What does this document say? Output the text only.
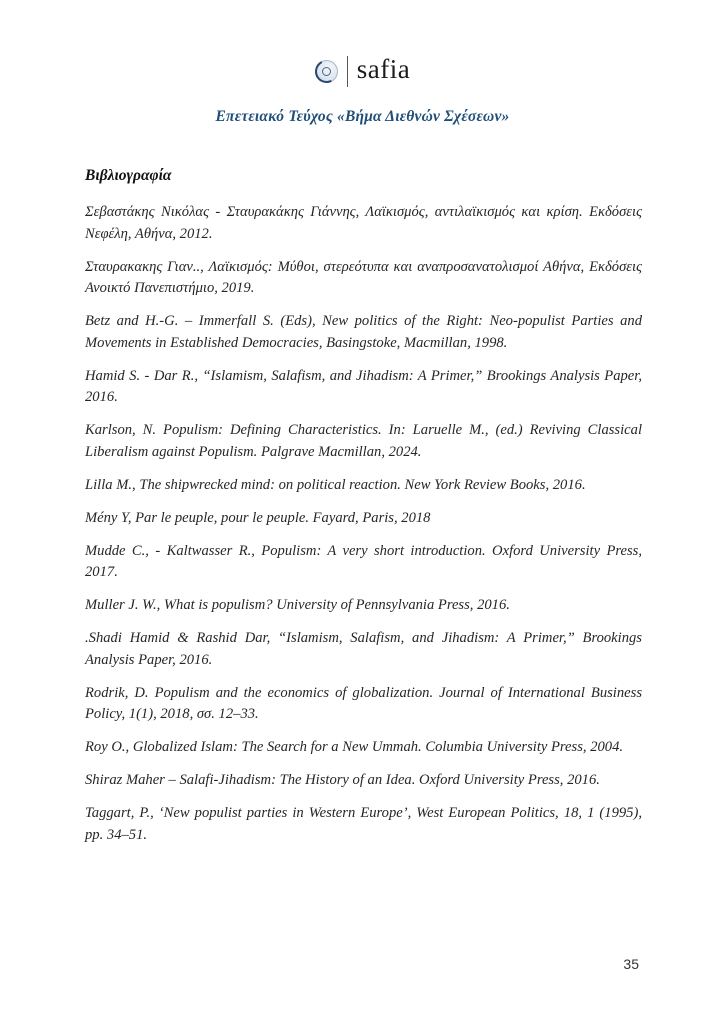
safia
Επετειακό Τεύχος «Βήμα Διεθνών Σχέσεων»
Βιβλιογραφία

Σεβαστάκης Νικόλας - Σταυρακάκης Γιάννης, Λαϊκισμός, αντιλαϊκισμός και κρίση. Εκδόσεις Νεφέλη, Αθήνα, 2012.

Σταυρακακης Γιαν.., Λαϊκισμός: Μύθοι, στερεότυπα και αναπροσανατολισμοί Αθήνα, Εκδόσεις Ανοικτό Πανεπιστήμιο, 2019.

Betz and H.-G. – Immerfall S. (Eds), New politics of the Right: Neo-populist Parties and Movements in Established Democracies, Basingstoke, Macmillan, 1998.

Hamid S. - Dar R., “Islamism, Salafism, and Jihadism: A Primer,” Brookings Analysis Paper, 2016.

Karlson, N. Populism: Defining Characteristics. In: Laruelle M., (ed.) Reviving Classical Liberalism against Populism. Palgrave Macmillan, 2024.

Lilla M., The shipwrecked mind: on political reaction. New York Review Books, 2016.

Mény Y, Par le peuple, pour le peuple. Fayard, Paris, 2018

Mudde C., - Kaltwasser R., Populism: A very short introduction. Oxford University Press, 2017.

Muller J. W., What is populism? University of Pennsylvania Press, 2016.

.Shadi Hamid & Rashid Dar, “Islamism, Salafism, and Jihadism: A Primer,” Brookings Analysis Paper, 2016.

Rodrik, D. Populism and the economics of globalization. Journal of International Business Policy, 1(1), 2018, σσ. 12–33.

Roy O., Globalized Islam: The Search for a New Ummah. Columbia University Press, 2004.

Shiraz Maher – Salafi-Jihadism: The History of an Idea. Oxford University Press, 2016.

Taggart, P., ‘New populist parties in Western Europe’, West European Politics, 18, 1 (1995), pp. 34–51.

35
